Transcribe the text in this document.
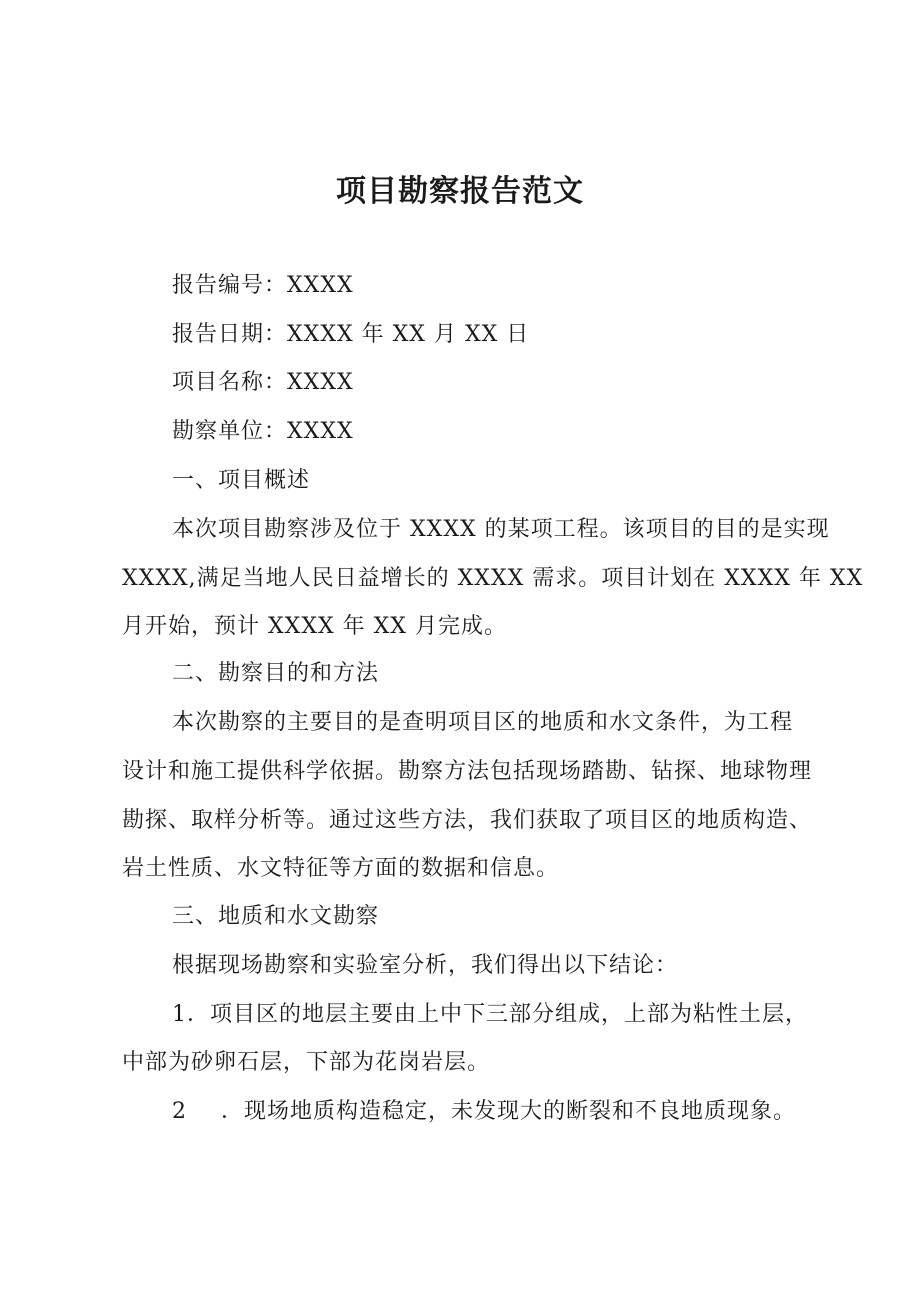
项目勘察报告范文

报告编号：XXXX

报告日期：XXXX 年 XX 月 XX 日

项目名称：XXXX

勘察单位：XXXX

一、项目概述

本次项目勘察涉及位于 XXXX 的某项工程。该项目的目的是实现

XXXX,满足当地人民日益增长的 XXXX 需求。项目计划在 XXXX 年 XX

月开始，预计 XXXX 年 XX 月完成。

二、勘察目的和方法

本次勘察的主要目的是查明项目区的地质和水文条件，为工程

设计和施工提供科学依据。勘察方法包括现场踏勘、钻探、地球物理

勘探、取样分析等。通过这些方法，我们获取了项目区的地质构造、

岩土性质、水文特征等方面的数据和信息。

三、地质和水文勘察

根据现场勘察和实验室分析，我们得出以下结论：

1．项目区的地层主要由上中下三部分组成，上部为粘性土层，

中部为砂卵石层，下部为花岗岩层。

2 ．现场地质构造稳定，未发现大的断裂和不良地质现象。
